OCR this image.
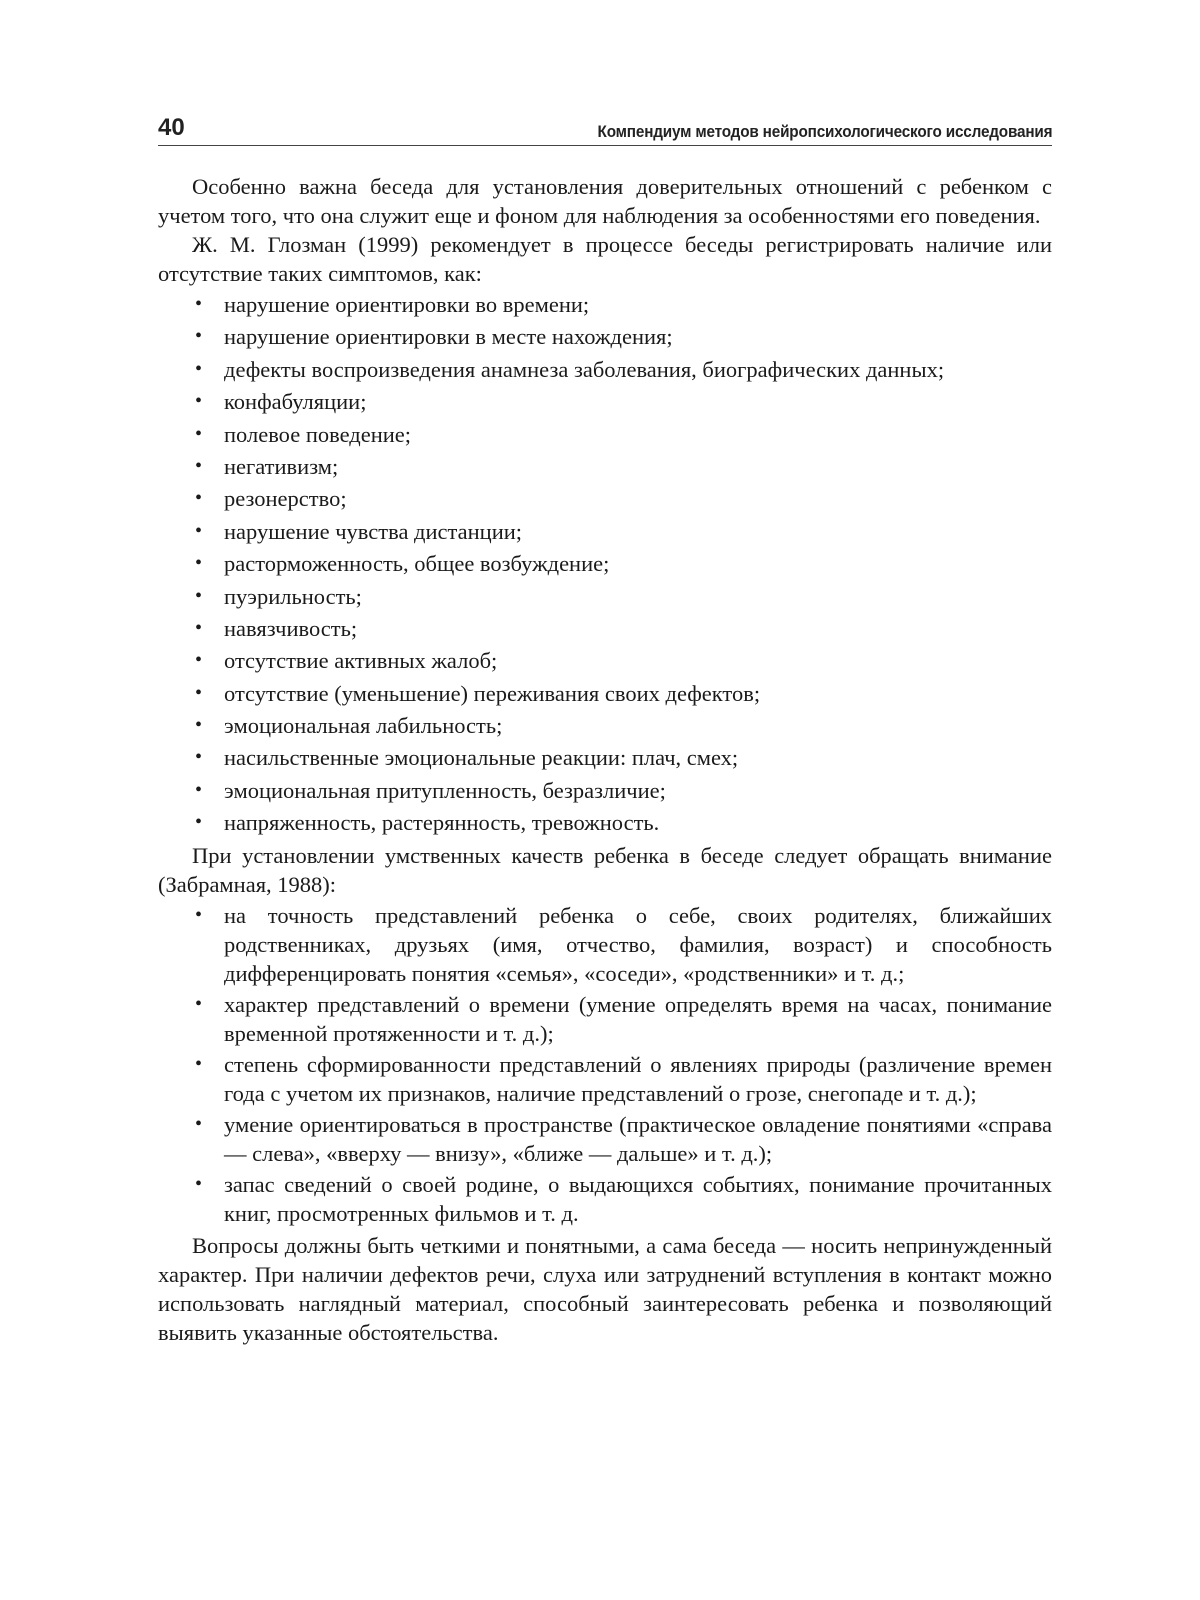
40	Компендиум методов нейропсихологического исследования

Особенно важна беседа для установления доверительных отношений с ребенком с учетом того, что она служит еще и фоном для наблюдения за особенностями его поведения.

Ж. М. Глозман (1999) рекомендует в процессе беседы регистрировать наличие или отсутствие таких симптомов, как:

• нарушение ориентировки во времени;
• нарушение ориентировки в месте нахождения;
• дефекты воспроизведения анамнеза заболевания, биографических данных;
• конфабуляции;
• полевое поведение;
• негативизм;
• резонерство;
• нарушение чувства дистанции;
• расторможенность, общее возбуждение;
• пуэрильность;
• навязчивость;
• отсутствие активных жалоб;
• отсутствие (уменьшение) переживания своих дефектов;
• эмоциональная лабильность;
• насильственные эмоциональные реакции: плач, смех;
• эмоциональная притупленность, безразличие;
• напряженность, растерянность, тревожность.

При установлении умственных качеств ребенка в беседе следует обращать внимание (Забрамная, 1988):

• на точность представлений ребенка о себе, своих родителях, ближайших родственниках, друзьях (имя, отчество, фамилия, возраст) и способность дифференцировать понятия «семья», «соседи», «родственники» и т. д.;
• характер представлений о времени (умение определять время на часах, понимание временной протяженности и т. д.);
• степень сформированности представлений о явлениях природы (различение времен года с учетом их признаков, наличие представлений о грозе, снегопаде и т. д.);
• умение ориентироваться в пространстве (практическое овладение понятиями «справа — слева», «вверху — внизу», «ближе — дальше» и т. д.);
• запас сведений о своей родине, о выдающихся событиях, понимание прочитанных книг, просмотренных фильмов и т. д.

Вопросы должны быть четкими и понятными, а сама беседа — носить непринужденный характер. При наличии дефектов речи, слуха или затруднений вступления в контакт можно использовать наглядный материал, способный заинтересовать ребенка и позволяющий выявить указанные обстоятельства.
